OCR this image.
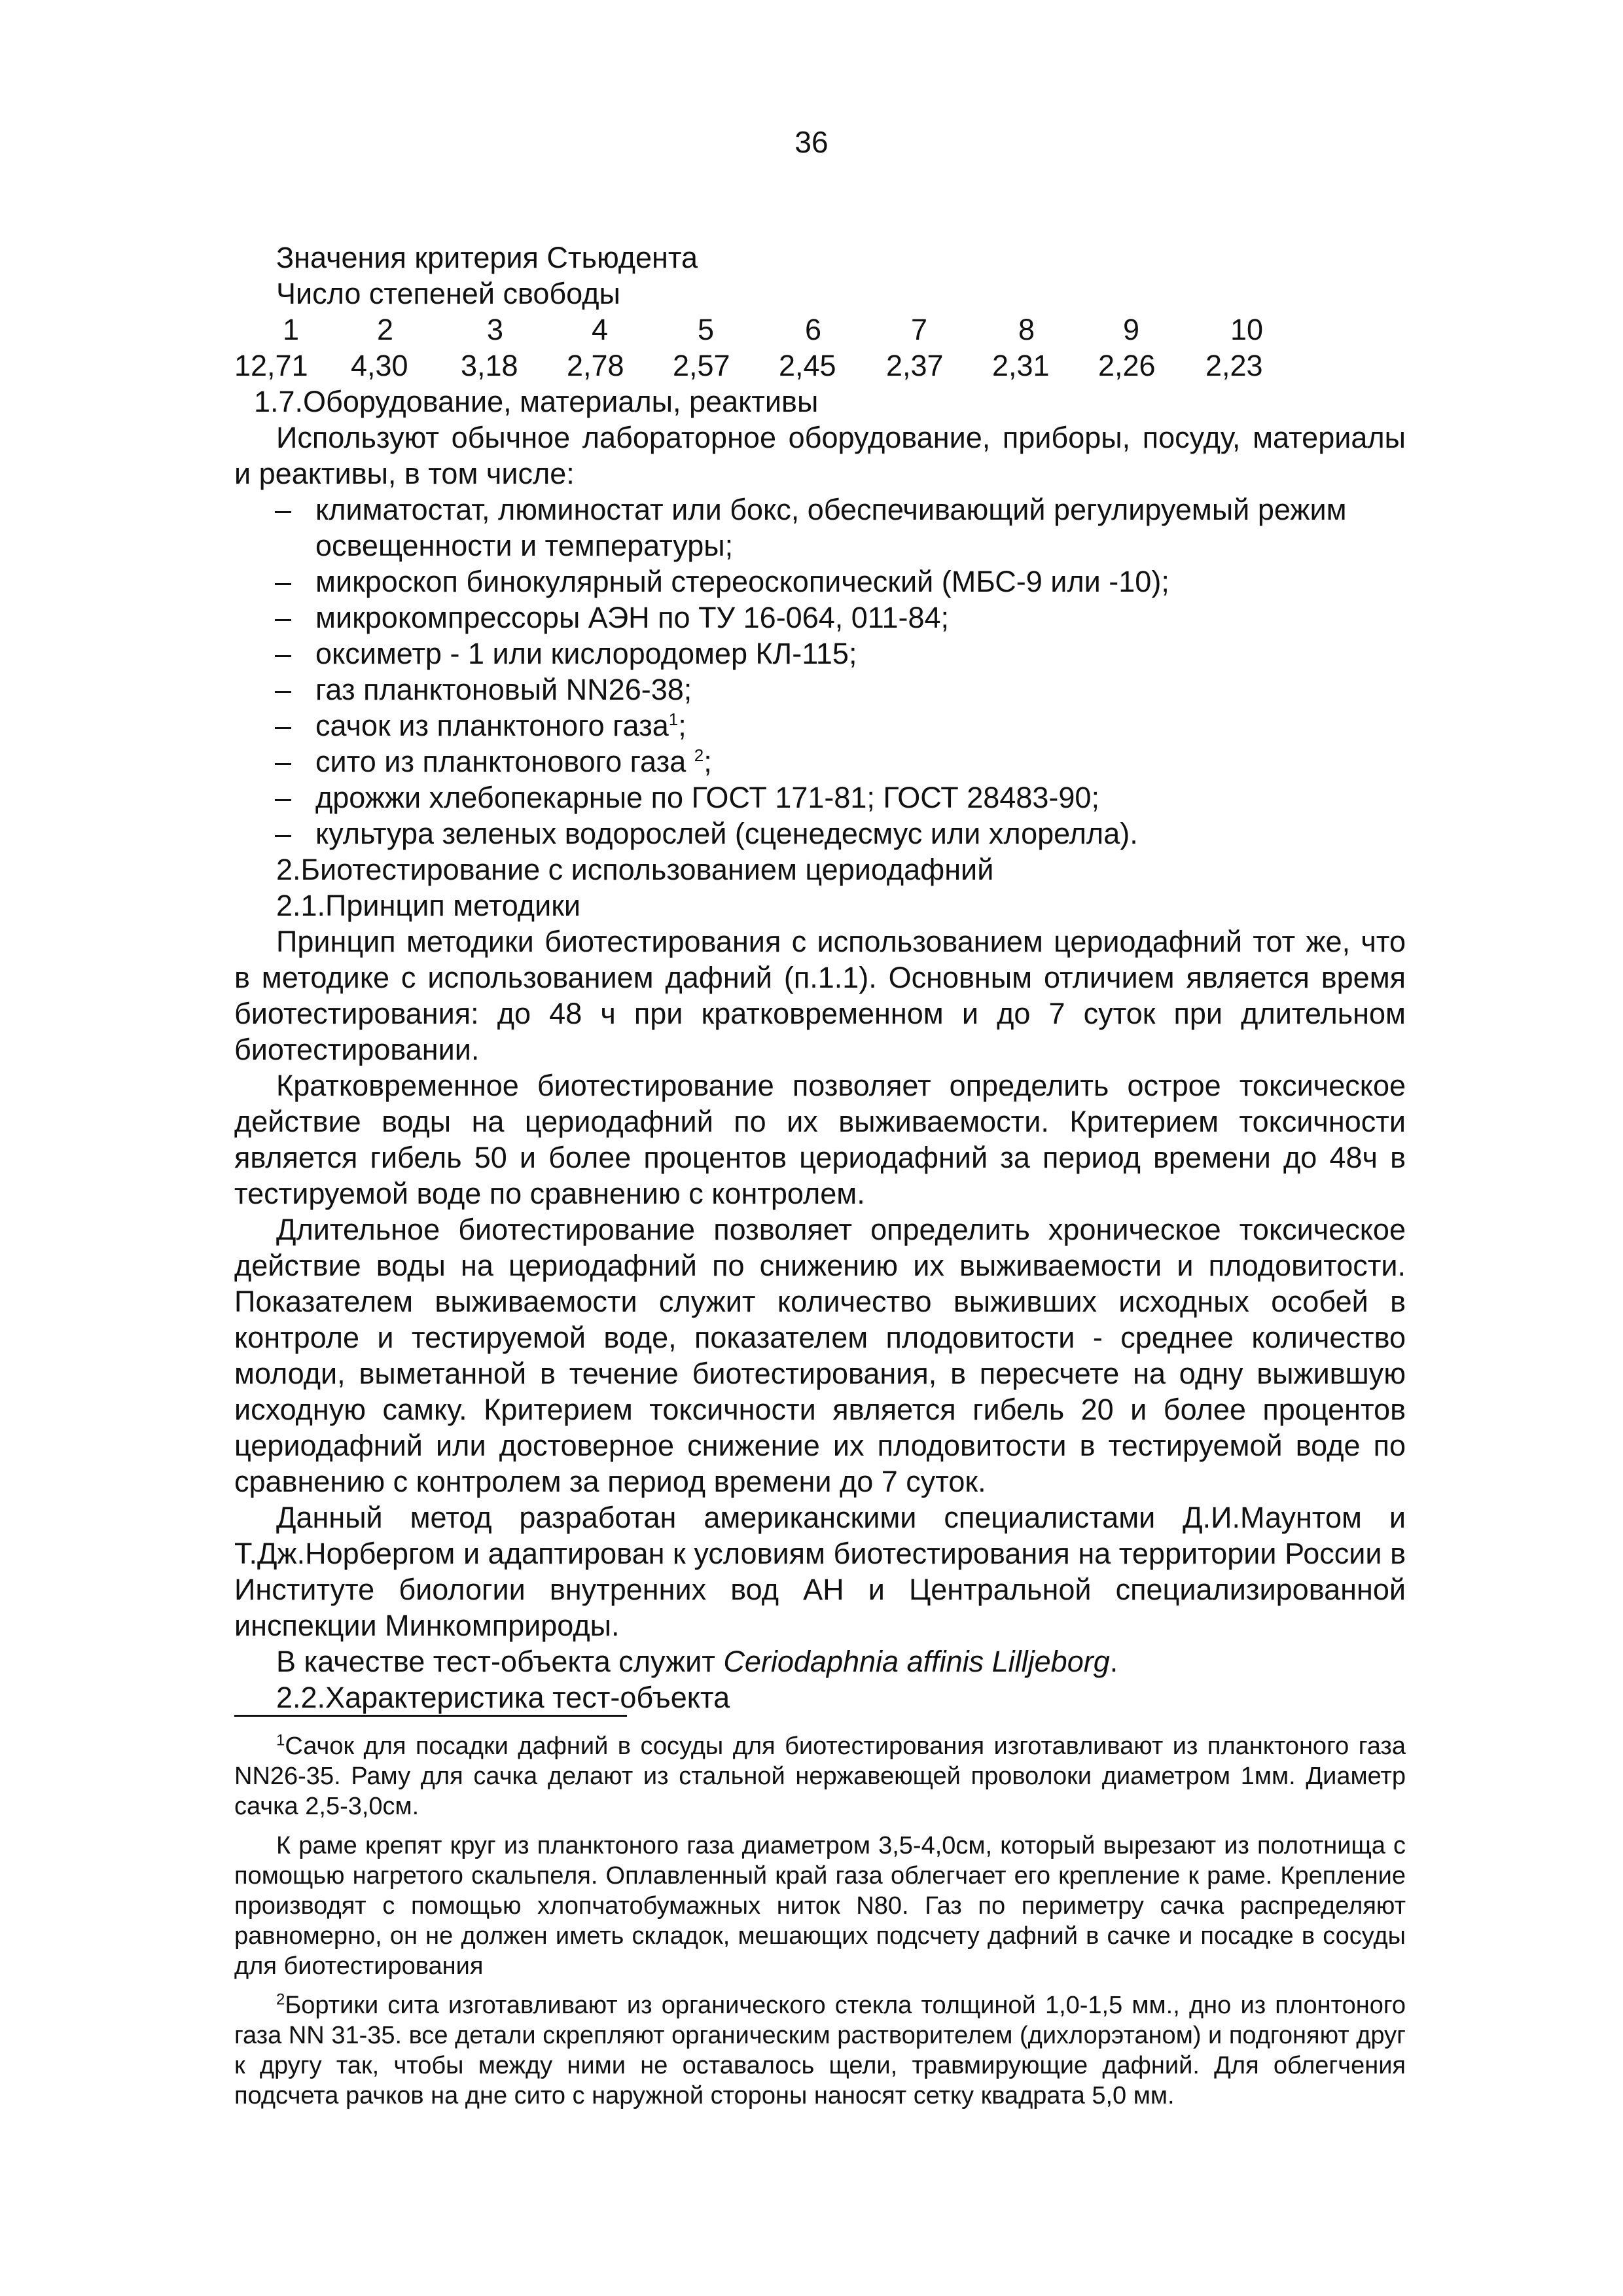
36

Значения критерия Стьюдента

Число степеней свободы

1	2	3	4	5	6	7	8	9	10
12,71 4,30 3,18 2,78 2,57 2,45 2,37 2,31 2,26 2,23

1.7.Оборудование, материалы, реактивы

Используют обычное лабораторное оборудование, приборы, посуду, материалы и реактивы, в том числе:

– климатостат, люминостат или бокс, обеспечивающий регулируемый режим освещенности и температуры;
– микроскоп бинокулярный стереоскопический (МБС-9 или -10);
– микрокомпрессоры АЭН по ТУ 16-064, 011-84;
– оксиметр - 1 или кислородомер КЛ-115;
– газ планктоновый NN26-38;
– сачок из планктоного газа$^1$;
– сито из планктонового газа $^2$;
– дрожжи хлебопекарные по ГОСТ 171-81; ГОСТ 28483-90;
– культура зеленых водорослей (сценедесмус или хлорелла).

2.Биотестирование с использованием цериодафний

2.1.Принцип методики

Принцип методики биотестирования с использованием цериодафний тот же, что в методике с использованием дафний (п.1.1). Основным отличием является время биотестирования: до 48 ч при кратковременном и до 7 суток при длительном биотестировании.

Кратковременное биотестирование позволяет определить острое токсическое действие воды на цериодафний по их выживаемости. Критерием токсичности является гибель 50 и более процентов цериодафний за период времени до 48ч в тестируемой воде по сравнению с контролем.

Длительное биотестирование позволяет определить хроническое токсическое действие воды на цериодафний по снижению их выживаемости и плодовитости. Показателем выживаемости служит количество выживших исходных особей в контроле и тестируемой воде, показателем плодовитости - среднее количество молоди, выметанной в течение биотестирования, в пересчете на одну выжившую исходную самку. Критерием токсичности является гибель 20 и более процентов цериодафний или достоверное снижение их плодовитости в тестируемой воде по сравнению с контролем за период времени до 7 суток.

Данный метод разработан американскими специалистами Д.И.Маунтом и Т.Дж.Норбергом и адаптирован к условиям биотестирования на территории России в Институте биологии внутренних вод АН и Центральной специализированной инспекции Минкомприроды.

В качестве тест-объекта служит Ceriodaphnia affinis Lilljeborg.

2.2.Характеристика тест-объекта

$^1$Сачок для посадки дафний в сосуды для биотестирования изготавливают из планктоного газа NN26-35. Раму для сачка делают из стальной нержавеющей проволоки диаметром 1мм. Диаметр сачка 2,5-3,0см.

К раме крепят круг из планктоного газа диаметром 3,5-4,0см, который вырезают из полотнища с помощью нагретого скальпеля. Оплавленный край газа облегчает его крепление к раме. Крепление производят с помощью хлопчатобумажных ниток N80. Газ по периметру сачка распределяют равномерно, он не должен иметь складок, мешающих подсчету дафний в сачке и посадке в сосуды для биотестирования

$^2$Бортики сита изготавливают из органического стекла толщиной 1,0-1,5 мм., дно из плонтоного газа NN 31-35. все детали скрепляют органическим растворителем (дихлорэтаном) и подгоняют друг к другу так, чтобы между ними не оставалось щели, травмирующие дафний. Для облегчения подсчета рачков на дне сито с наружной стороны наносят сетку квадрата 5,0 мм.
